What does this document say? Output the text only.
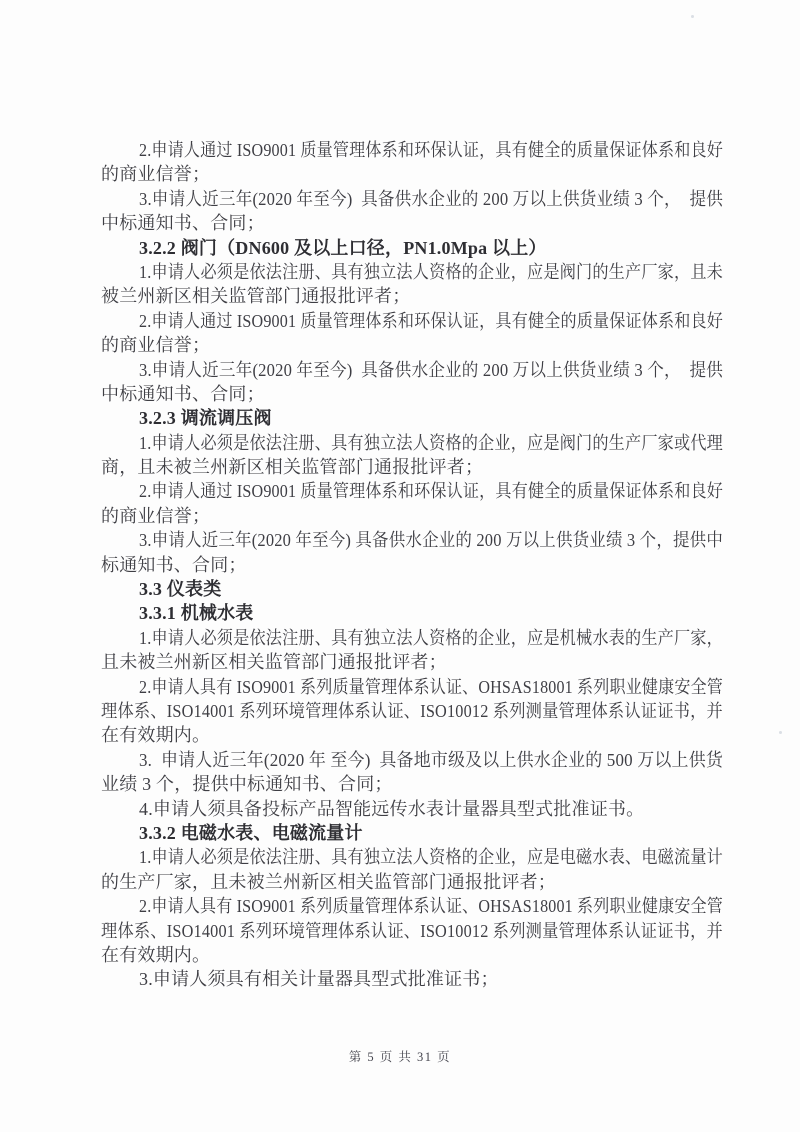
2.申请人通过 ISO9001 质量管理体系和环保认证，具有健全的质量保证体系和良好
的商业信誉；
3.申请人近三年(2020 年至今)  具备供水企业的 200 万以上供货业绩 3 个，  提供
中标通知书、合同；
3.2.2 阀门（DN600 及以上口径，PN1.0Mpa 以上）
1.申请人必须是依法注册、具有独立法人资格的企业，应是阀门的生产厂家，且未
被兰州新区相关监管部门通报批评者；
2.申请人通过 ISO9001 质量管理体系和环保认证，具有健全的质量保证体系和良好
的商业信誉；
3.申请人近三年(2020 年至今)  具备供水企业的 200 万以上供货业绩 3 个，  提供
中标通知书、合同；
3.2.3 调流调压阀
1.申请人必须是依法注册、具有独立法人资格的企业，应是阀门的生产厂家或代理
商，且未被兰州新区相关监管部门通报批评者；
2.申请人通过 ISO9001 质量管理体系和环保认证，具有健全的质量保证体系和良好
的商业信誉；
3.申请人近三年(2020 年至今) 具备供水企业的 200 万以上供货业绩 3 个，提供中
标通知书、合同；
3.3 仪表类
3.3.1 机械水表
1.申请人必须是依法注册、具有独立法人资格的企业，应是机械水表的生产厂家，
且未被兰州新区相关监管部门通报批评者；
2.申请人具有 ISO9001 系列质量管理体系认证、OHSAS18001 系列职业健康安全管
理体系、ISO14001 系列环境管理体系认证、ISO10012 系列测量管理体系认证证书，并
在有效期内。
3.  申请人近三年(2020 年 至今)  具备地市级及以上供水企业的 500 万以上供货
业绩 3 个，提供中标通知书、合同；
4.申请人须具备投标产品智能远传水表计量器具型式批准证书。
3.3.2 电磁水表、电磁流量计
1.申请人必须是依法注册、具有独立法人资格的企业，应是电磁水表、电磁流量计
的生产厂家，且未被兰州新区相关监管部门通报批评者；
2.申请人具有 ISO9001 系列质量管理体系认证、OHSAS18001 系列职业健康安全管
理体系、ISO14001 系列环境管理体系认证、ISO10012 系列测量管理体系认证证书，并
在有效期内。
3.申请人须具有相关计量器具型式批准证书；
第 5 页 共 31 页
